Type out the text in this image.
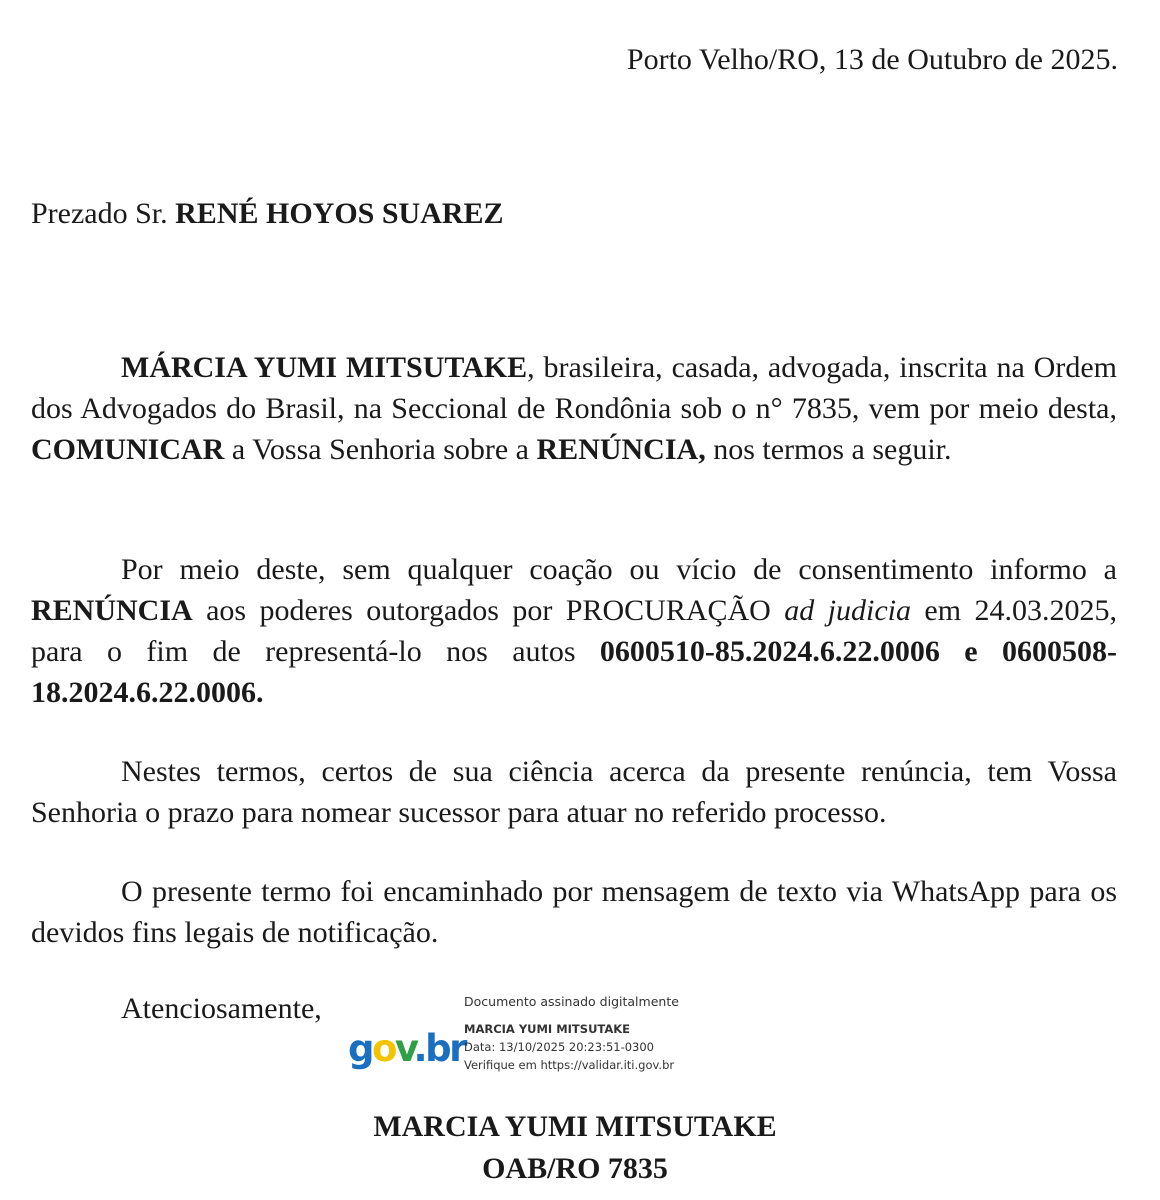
Porto Velho/RO, 13 de Outubro de 2025.
Prezado Sr. RENÉ HOYOS SUAREZ

MÁRCIA YUMI MITSUTAKE, brasileira, casada, advogada, inscrita na Ordem dos Advogados do Brasil, na Seccional de Rondônia sob o n° 7835, vem por meio desta, COMUNICAR a Vossa Senhoria sobre a RENÚNCIA, nos termos a seguir.

Por meio deste, sem qualquer coação ou vício de consentimento informo a RENÚNCIA aos poderes outorgados por PROCURAÇÃO ad judicia em 24.03.2025, para o fim de representá-lo nos autos 0600510-85.2024.6.22.0006 e 0600508-18.2024.6.22.0006.

Nestes termos, certos de sua ciência acerca da presente renúncia, tem Vossa Senhoria o prazo para nomear sucessor para atuar no referido processo.

O presente termo foi encaminhado por mensagem de texto via WhatsApp para os devidos fins legais de notificação.

Atenciosamente,
gov.br
Documento assinado digitalmente
MARCIA YUMI MITSUTAKE
Data: 13/10/2025 20:23:51-0300
Verifique em https://validar.iti.gov.br
MARCIA YUMI MITSUTAKE
OAB/RO 7835
